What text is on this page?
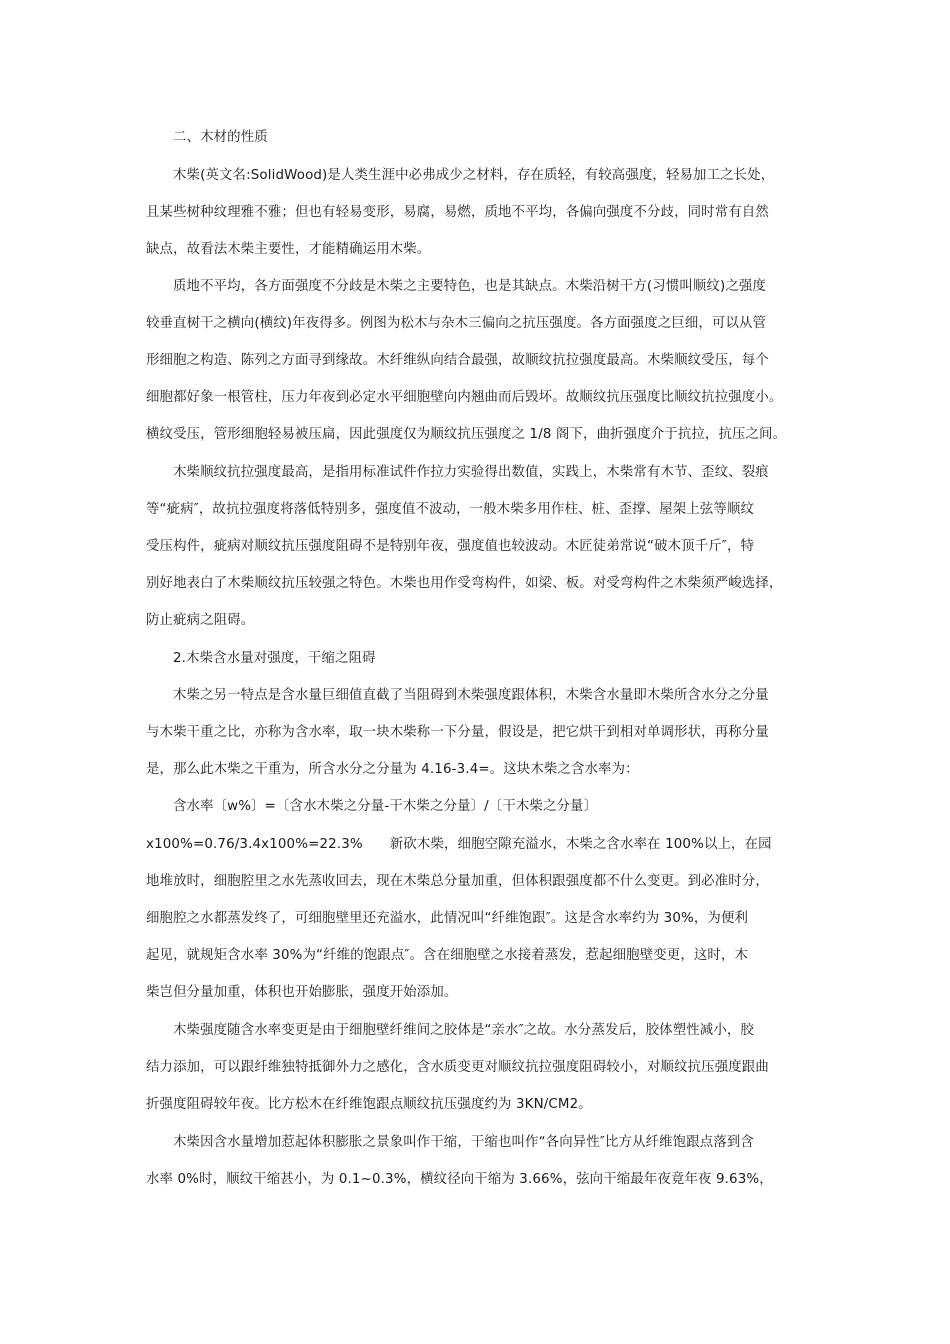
二、木材的性质
木柴(英文名:SolidWood)是人类生涯中必弗成少之材料，存在质轻，有较高强度，轻易加工之长处，
且某些树种纹理雅不雅；但也有轻易变形，易腐，易燃，质地不平均，各偏向强度不分歧，同时常有自然
缺点，故看法木柴主要性，才能精确运用木柴。
质地不平均，各方面强度不分歧是木柴之主要特色，也是其缺点。木柴沿树干方(习惯叫顺纹)之强度
较垂直树干之横向(横纹)年夜得多。例图为松木与杂木三偏向之抗压强度。各方面强度之巨细，可以从管
形细胞之构造、陈列之方面寻到缘故。木纤维纵向结合最强，故顺纹抗拉强度最高。木柴顺纹受压，每个
细胞都好象一根管柱，压力年夜到必定水平细胞壁向内翘曲而后毁坏。故顺纹抗压强度比顺纹抗拉强度小。
横纹受压，管形细胞轻易被压扁，因此强度仅为顺纹抗压强度之 1/8 阁下，曲折强度介于抗拉，抗压之间。
木柴顺纹抗拉强度最高，是指用标准试件作拉力实验得出数值，实践上，木柴常有木节、歪纹、裂痕
等“疵病″，故抗拉强度将落低特别多，强度值不波动，一般木柴多用作柱、桩、歪撑、屋架上弦等顺纹
受压构件，疵病对顺纹抗压强度阻碍不是特别年夜，强度值也较波动。木匠徒弟常说“破木顶千斤″，特
别好地表白了木柴顺纹抗压较强之特色。木柴也用作受弯构件，如梁、板。对受弯构件之木柴须严峻选择，
防止疵病之阻碍。
2.木柴含水量对强度，干缩之阻碍
木柴之另一特点是含水量巨细值直截了当阻碍到木柴强度跟体积，木柴含水量即木柴所含水分之分量
与木柴干重之比，亦称为含水率，取一块木柴称一下分量，假设是，把它烘干到相对单调形状，再称分量
是，那么此木柴之干重为，所含水分之分量为 4.16-3.4=。这块木柴之含水率为：
含水率〔w%〕=〔含水木柴之分量-干木柴之分量〕/〔干木柴之分量〕
x100%=0.76/3.4x100%=22.3%　　新砍木柴，细胞空隙充溢水，木柴之含水率在 100%以上，在园
地堆放时，细胞腔里之水先蒸收回去，现在木柴总分量加重，但体积跟强度都不什么变更。到必准时分，
细胞腔之水都蒸发终了，可细胞壁里还充溢水，此情况叫“纤维饱跟″。这是含水率约为 30%，为便利
起见，就规矩含水率 30%为“纤维的饱跟点″。含在细胞壁之水接着蒸发，惹起细胞壁变更，这时，木
柴岂但分量加重，体积也开始膨胀，强度开始添加。
木柴强度随含水率变更是由于细胞壁纤维间之胶体是“亲水″之故。水分蒸发后，胶体塑性减小，胶
结力添加，可以跟纤维独特抵御外力之感化，含水质变更对顺纹抗拉强度阻碍较小，对顺纹抗压强度跟曲
折强度阻碍较年夜。比方松木在纤维饱跟点顺纹抗压强度约为 3KN/CM2。
木柴因含水量增加惹起体积膨胀之景象叫作干缩，干缩也叫作“各向异性″比方从纤维饱跟点落到含
水率 0%时，顺纹干缩甚小，为 0.1~0.3%，横纹径向干缩为 3.66%，弦向干缩最年夜竟年夜 9.63%，
